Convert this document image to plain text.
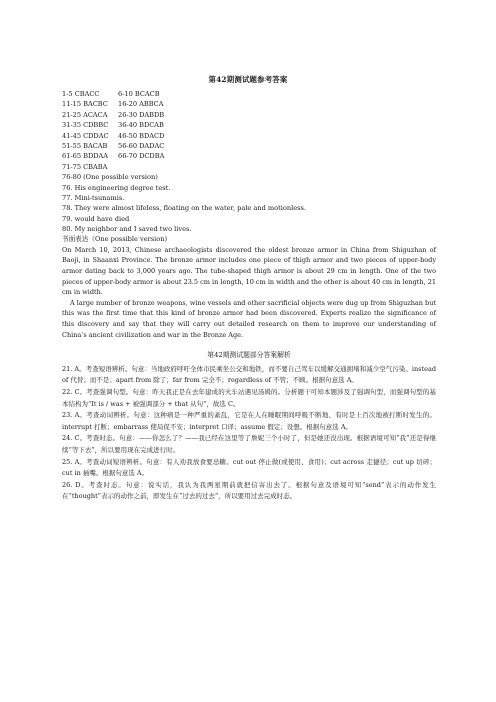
第42期测试题参考答案
1-5 CBACC	6-10 BCACB
11-15 BACBC	16-20 ABBCA
21-25 ACACA	26-30 DABDB
31-35 CDBBC	36-40 BDCAB
41-45 CDDAC	46-50 BDACD
51-55 BACAB	56-60 DADAC
61-65 BDDAA	66-70 DCDBA
71-75 CBABA
76-80 (One possible version)
76. His engineering degree test.
77. Mini-tsunamis.
78. They were almost lifeless, floating on the water, pale and motionless.
79. would have died
80. My neighbor and I saved two lives.
书面表达（One possible version)

On March 10, 2013, Chinese archaeologists discovered the oldest bronze armor in China from Shiguzhan of Baoji, in Shaanxi Province. The bronze armor includes one piece of thigh armor and two pieces of upper-body armor dating back to 3,000 years ago. The tube-shaped thigh armor is about 29 cm in length. One of the two pieces of upper-body armor is about 23.5 cm in length, 10 cm in width and the other is about 40 cm in length, 21 cm in width.

A large number of bronze weapons, wine vessels and other sacrificial objects were dug up from Shiguzhan but this was the first time that this kind of bronze armor had been discovered. Experts realize the significance of this discovery and say that they will carry out detailed research on them to improve our understanding of China’s ancient civilization and war in the Bronze Age.

第42期测试题部分答案解析

21. A。考查短语辨析。句意：当地政府呼吁全体市民乘坐公交和地铁，而不要自己驾车以缓解交通拥堵和减少空气污染。instead of 代替；而不是；apart from 除了；far from 完全不；regardless of 不管；不顾。根据句意选 A。

22. C。考查强调句型。句意：昨天我正是在去年建成的火车站遇见汤姆的。分析题干可知本题涉及了强调句型，而强调句型的基本结构为“It is / was + 被强调部分 + that 从句”，故选 C。

23. A。考查动词辨析。句意：这种病是一种严重的紊乱，它是在人在睡眠期间呼吸不断地、有时是上百次地被打断时发生的。interrupt 打断；embarrass 使局促不安；interpret 口译；assume 假定；设想。根据句意选 A。

24. C。考查时态。句意：——你怎么了？——我已经在这里等了詹妮三个小时了，但是她还没出现。根据语境可知“我”还是得继续“等下去”，所以要用现在完成进行时。

25. A。考查动词短语辨析。句意：有人劝我放食要忌糖。cut out 停止做(或使用、食用)；cut across 走捷径；cut up 切碎；cut in 插嘴。根据句意选 A。

26. D。考查时态。句意：说实话，我认为我两星期前就把信寄出去了。根据句意及语境可知“send”表示的动作发生在“thought”表示的动作之前，即发生在“过去的过去”，所以要用过去完成时态。
